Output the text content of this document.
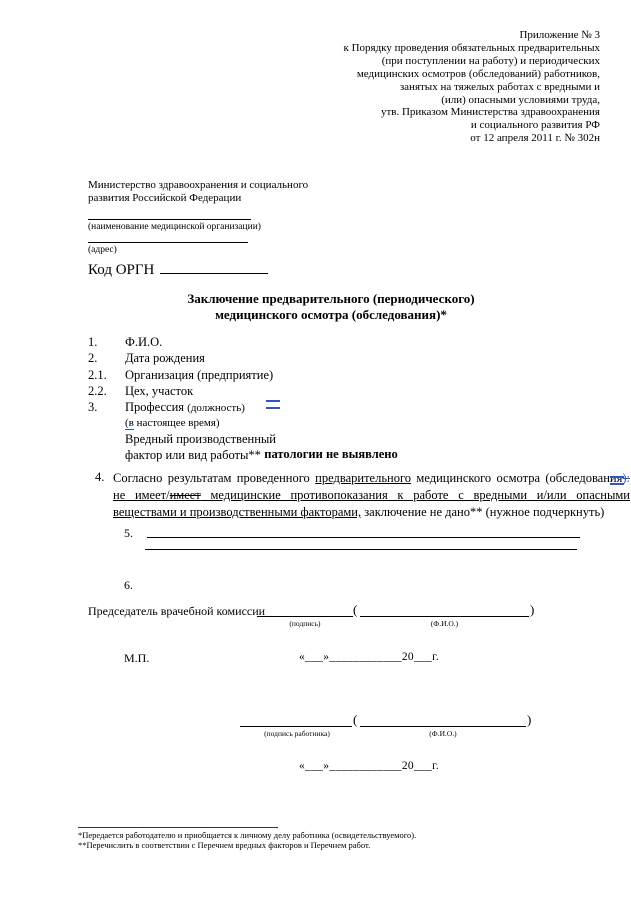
Приложение № 3
к Порядку проведения обязательных предварительных
(при поступлении на работу) и периодических
медицинских осмотров (обследований) работников,
занятых на тяжелых работах с вредными и
(или) опасными условиями труда,
утв. Приказом Министерства здравоохранения
и социального развития РФ
от 12 апреля 2011 г. № 302н
Министерство здравоохранения и социального
развития Российской Федерации
(наименование медицинской организации)
(адрес)
Код ОРГН
Заключение предварительного (периодического)
медицинского осмотра (обследования)*
1.	Ф.И.О.
2.	Дата рождения
2.1.	Организация (предприятие)
2.2.	Цех, участок
3.	Профессия (должность)
(в настоящее время)
Вредный производственный
фактор или вид работы** патологии не выявлено
4. Согласно результатам проведенного предварительного медицинского осмотра (обследования): не имеет/имеет медицинские противопоказания к работе с вредными и/или опасными веществами и производственными факторами, заключение не дано** (нужное подчеркнуть)
5.
6.
Председатель врачебной комиссии	(	)
(подпись)	(Ф.И.О.)
М.П.	«___»____________20___г.
(	)
(подпись работника)	(Ф.И.О.)
«___»____________20___г.
*Передается работодателю и приобщается к личному делу работника (освидетельствуемого).
**Перечислить в соответствии с Перечнем вредных факторов и Перечнем работ.
